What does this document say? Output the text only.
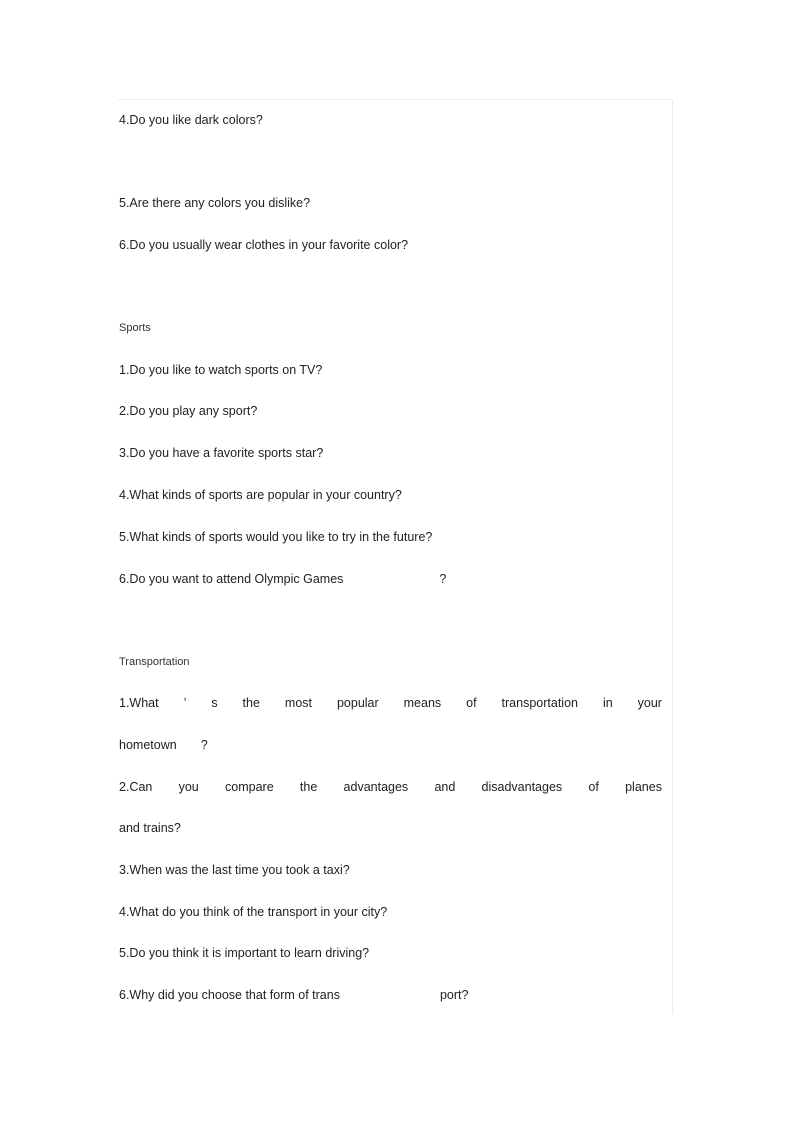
4.Do you like dark colors?
5.Are there any colors you dislike?
6.Do you usually wear clothes in your favorite color?
Sports
1.Do you like to watch sports on TV?
2.Do you play any sport?
3.Do you have a favorite sports star?
4.What kinds of sports are popular in your country?
5.What kinds of sports would you like to try in the future?
6.Do you want to attend Olympic Games	?
Transportation
1.What ’ s the most popular means of transportation in your
hometown ?
2.Can you compare the advantages and disadvantages of planes
and trains?
3.When was the last time you took a taxi?
4.What do you think of the transport in your city?
5.Do you think it is important to learn driving?
6.Why did you choose that form of trans	port?
